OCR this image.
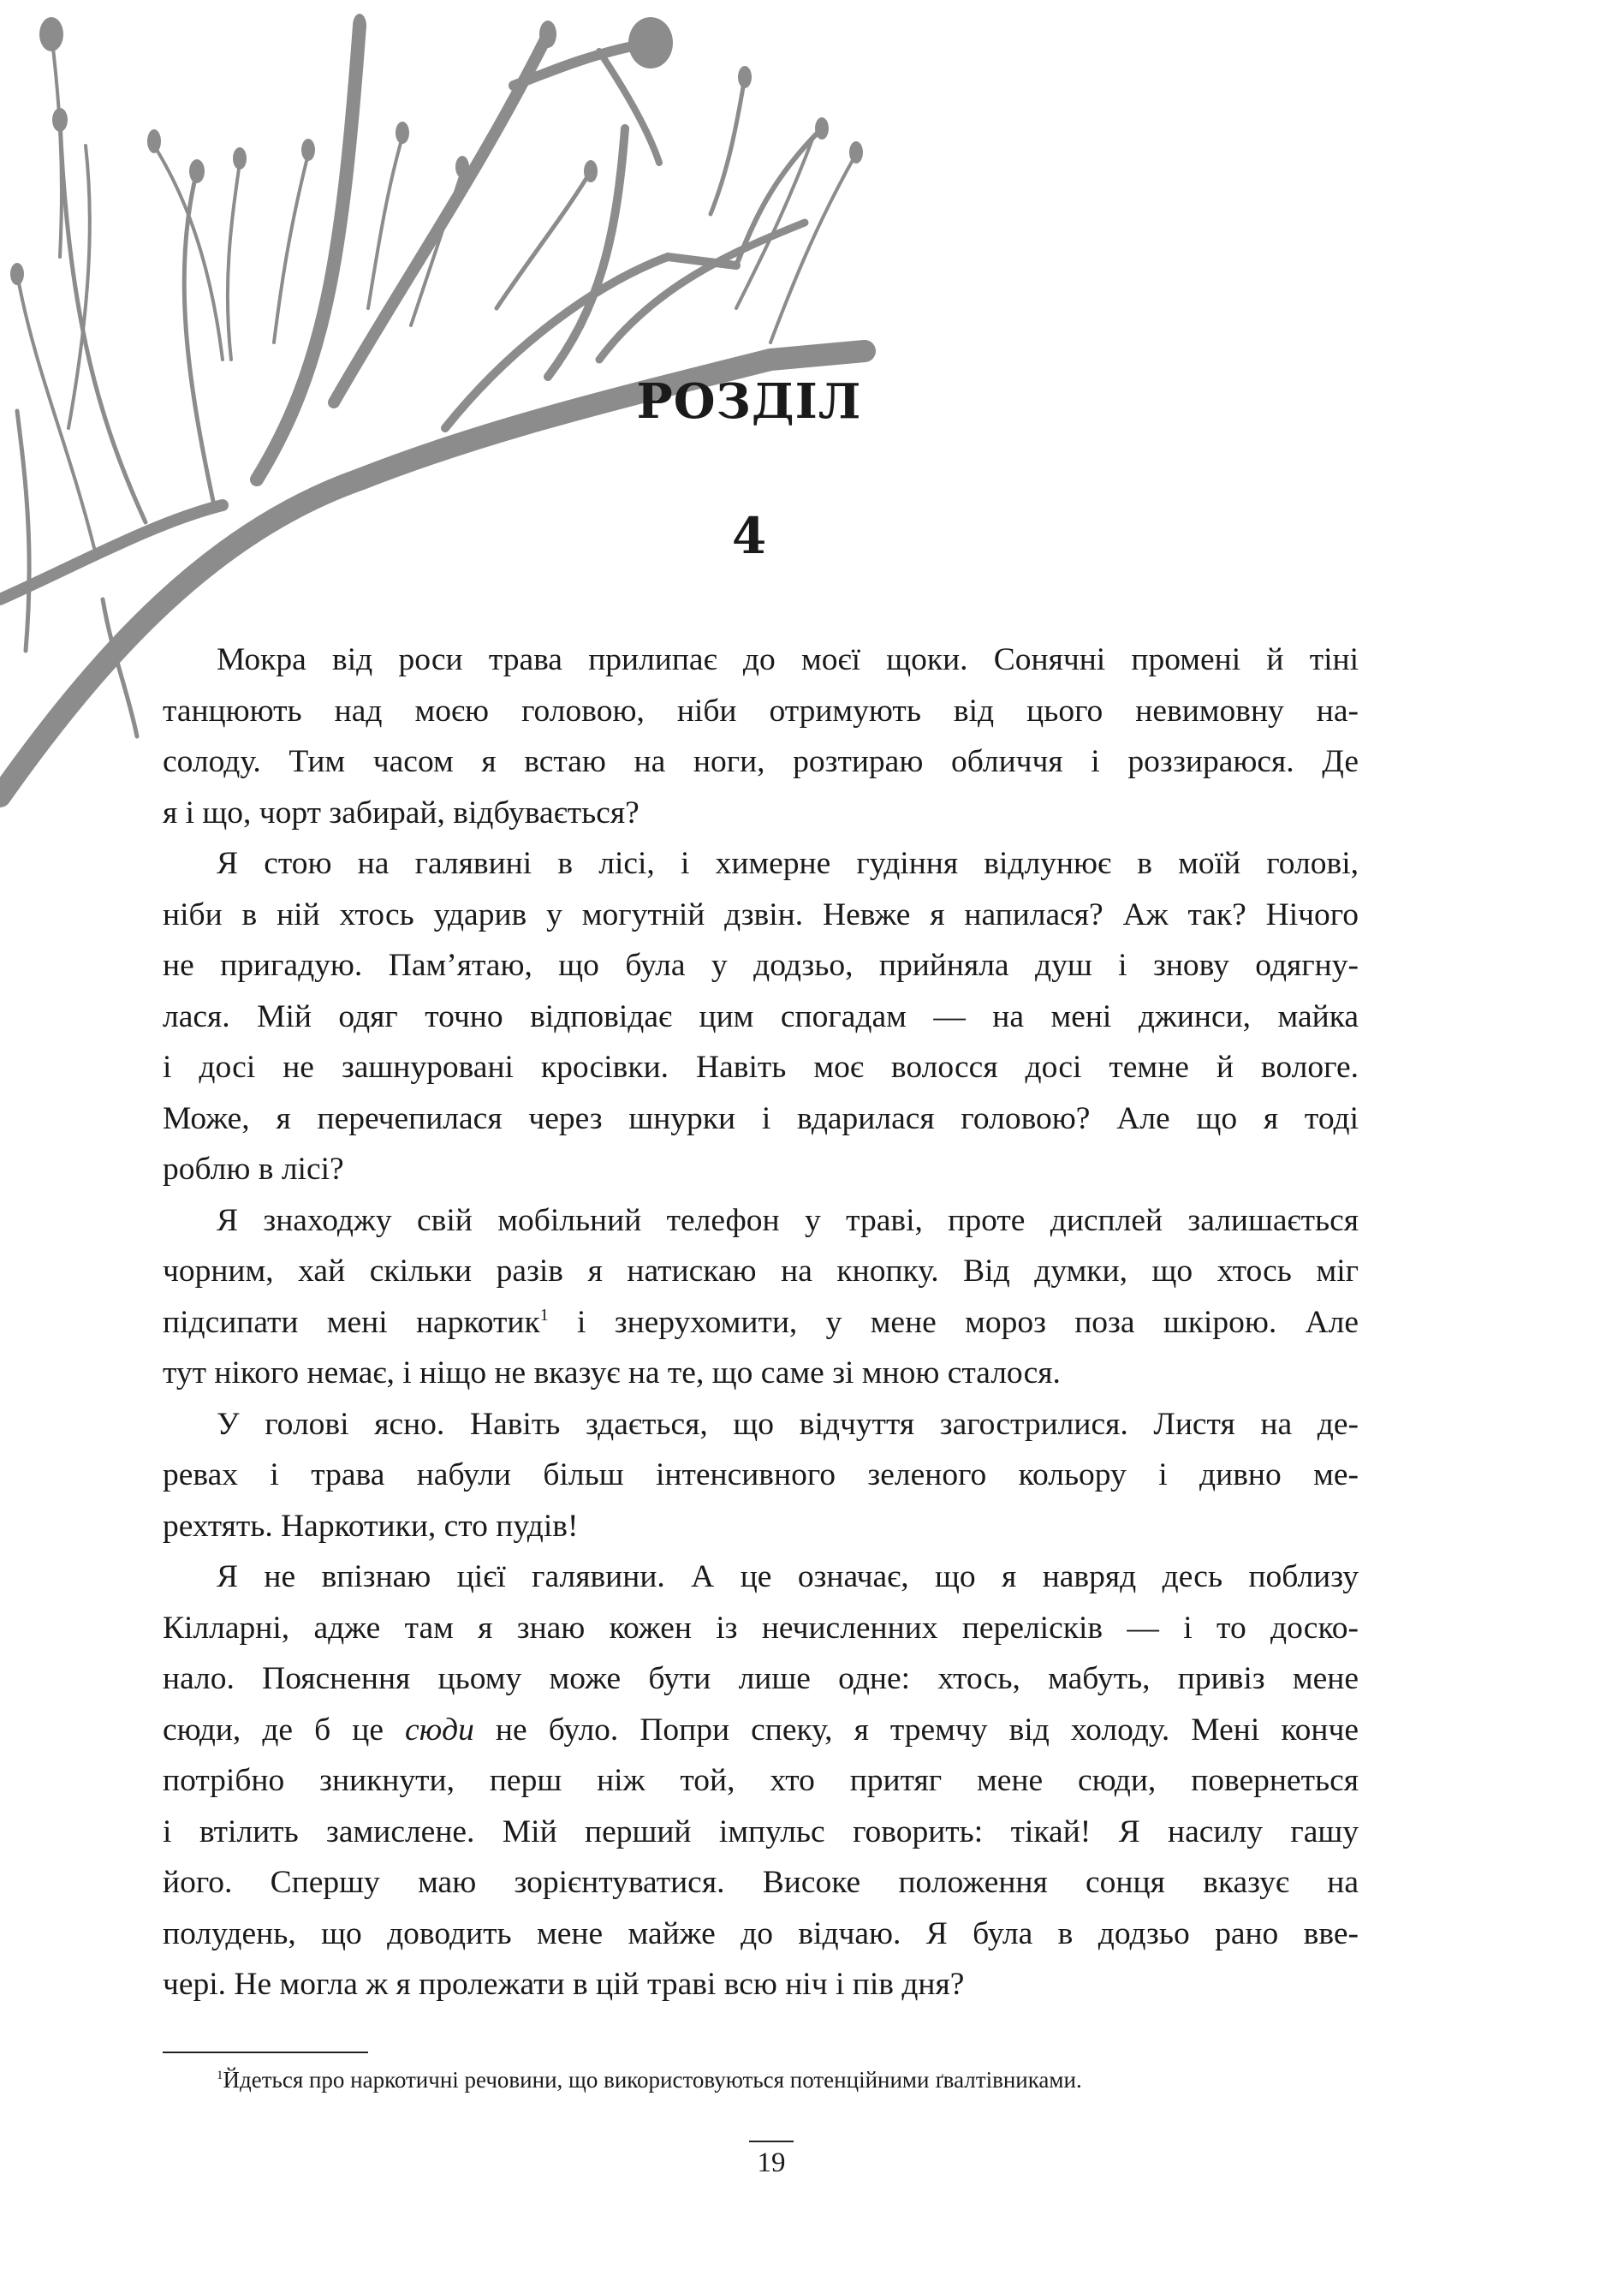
РОЗДІЛ
4
Мокра від роси трава прилипає до моєї щоки. Сонячні промені й тіні
танцюють над моєю головою, ніби отримують від цього невимовну на-
солоду. Тим часом я встаю на ноги, розтираю обличчя і роззираюся. Де
я і що, чорт забирай, відбувається?
Я стою на галявині в лісі, і химерне гудіння відлунює в моїй голові,
ніби в ній хтось ударив у могутній дзвін. Невже я напилася? Аж так? Нічого
не пригадую. Пам’ятаю, що була у додзьо, прийняла душ і знову одягну-
лася. Мій одяг точно відповідає цим спогадам — на мені джинси, майка
і досі не зашнуровані кросівки. Навіть моє волосся досі темне й вологе.
Може, я перечепилася через шнурки і вдарилася головою? Але що я тоді
роблю в лісі?
Я знаходжу свій мобільний телефон у траві, проте дисплей залишається
чорним, хай скільки разів я натискаю на кнопку. Від думки, що хтось міг
підсипати мені наркотик$^1$ і знерухомити, у мене мороз поза шкірою. Але
тут нікого немає, і ніщо не вказує на те, що саме зі мною сталося.
У голові ясно. Навіть здається, що відчуття загострилися. Листя на де-
ревах і трава набули більш інтенсивного зеленого кольору і дивно ме-
рехтять. Наркотики, сто пудів!
Я не впізнаю цієї галявини. А це означає, що я навряд десь поблизу
Кілларні, адже там я знаю кожен із нечисленних перелісків — і то доско-
нало. Пояснення цьому може бути лише одне: хтось, мабуть, привіз мене
сюди, де б це сюди не було. Попри спеку, я тремчу від холоду. Мені конче
потрібно зникнути, перш ніж той, хто притяг мене сюди, повернеться
і втілить замислене. Мій перший імпульс говорить: тікай! Я насилу гашу
його. Спершу маю зорієнтуватися. Високе положення сонця вказує на
полудень, що доводить мене майже до відчаю. Я була в додзьо рано вве-
чері. Не могла ж я пролежати в цій траві всю ніч і пів дня?
$^1$Йдеться про наркотичні речовини, що використовуються потенційними ґвалтівниками.
19
